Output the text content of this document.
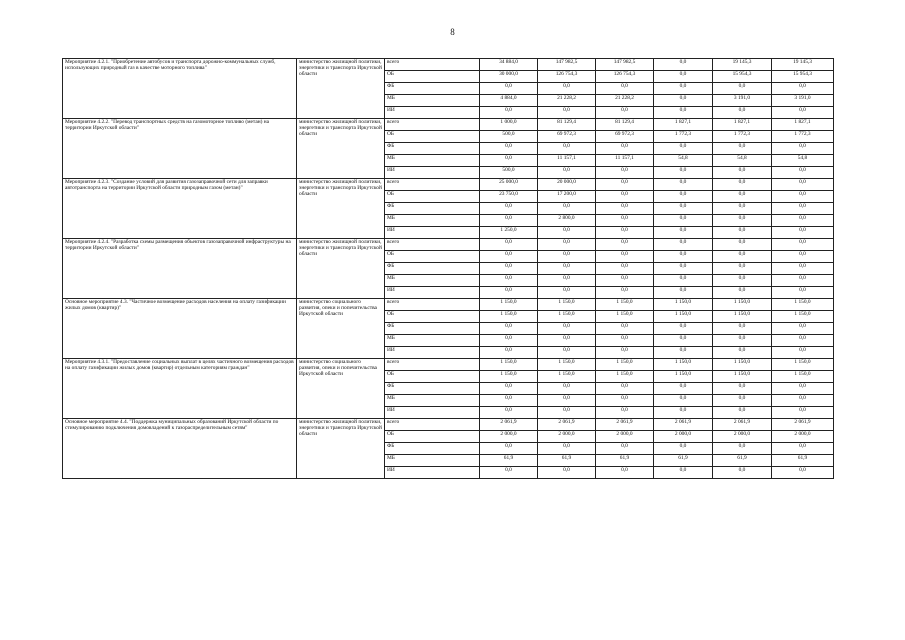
8
Мероприятие 4.2.1. "Приобретение автобусов и транспорта дорожно-коммунальных служб, использующих природный газ в качестве моторного топлива"	министерство жилищной политики, энергетики и транспорта Иркутской области	всего	34 884,0	147 982,5	147 982,5	0,0	19 145,3	19 145,3
		ОБ	30 000,0	126 754,3	126 754,3	0,0	15 954,3	15 954,3
		ФБ	0,0	0,0	0,0	0,0	0,0	0,0
		МБ	4 884,0	21 228,2	21 228,2	0,0	3 191,0	3 191,0
		ИИ	0,0	0,0	0,0	0,0	0,0	0,0
Мероприятие 4.2.2. "Перевод транспортных средств на газомоторное топливо (метан) на территории Иркутской области"	министерство жилищной политики, энергетики и транспорта Иркутской области	всего	1 000,0	81 129,4	81 129,4	1 827,1	1 827,1	1 827,1
		ОБ	500,0	69 972,3	69 972,3	1 772,3	1 772,3	1 772,3
		ФБ	0,0	0,0	0,0	0,0	0,0	0,0
		МБ	0,0	11 157,1	11 157,1	54,8	54,8	54,8
		ИИ	500,0	0,0	0,0	0,0	0,0	0,0
Мероприятие 4.2.3. "Создание условий для развития газозаправочной сети для заправки автотранспорта на территории Иркутской области природным газом (метан)"	министерство жилищной политики, энергетики и транспорта Иркутской области	всего	25 000,0	20 000,0	0,0	0,0	0,0	0,0
		ОБ	23 750,0	17 200,0	0,0	0,0	0,0	0,0
		ФБ	0,0	0,0	0,0	0,0	0,0	0,0
		МБ	0,0	2 800,0	0,0	0,0	0,0	0,0
		ИИ	1 250,0	0,0	0,0	0,0	0,0	0,0
Мероприятие 4.2.4. "Разработка схемы размещения объектов газозаправочной инфраструктуры на территории Иркутской области"	министерство жилищной политики, энергетики и транспорта Иркутской области	всего	0,0	0,0	0,0	0,0	0,0	0,0
		ОБ	0,0	0,0	0,0	0,0	0,0	0,0
		ФБ	0,0	0,0	0,0	0,0	0,0	0,0
		МБ	0,0	0,0	0,0	0,0	0,0	0,0
		ИИ	0,0	0,0	0,0	0,0	0,0	0,0
Основное мероприятие 4.3. "Частичное возмещение расходов населения на оплату газификации жилых домов (квартир)"	министерство социального развития, опеки и попечительства Иркутской области	всего	1 150,0	1 150,0	1 150,0	1 150,0	1 150,0	1 150,0
		ОБ	1 150,0	1 150,0	1 150,0	1 150,0	1 150,0	1 150,0
		ФБ	0,0	0,0	0,0	0,0	0,0	0,0
		МБ	0,0	0,0	0,0	0,0	0,0	0,0
		ИИ	0,0	0,0	0,0	0,0	0,0	0,0
Мероприятие 4.3.1. "Предоставление социальных выплат в целях частичного возмещения расходов на оплату газификации жилых домов (квартир) отдельным категориям граждан"	министерство социального развития, опеки и попечительства Иркутской области	всего	1 150,0	1 150,0	1 150,0	1 150,0	1 150,0	1 150,0
		ОБ	1 150,0	1 150,0	1 150,0	1 150,0	1 150,0	1 150,0
		ФБ	0,0	0,0	0,0	0,0	0,0	0,0
		МБ	0,0	0,0	0,0	0,0	0,0	0,0
		ИИ	0,0	0,0	0,0	0,0	0,0	0,0
Основное мероприятие 4.4. "Поддержка муниципальных образований Иркутской области по стимулированию подключения домовладений к газораспределительным сетям"	министерство жилищной политики, энергетики и транспорта Иркутской области	всего	2 061,9	2 061,9	2 061,9	2 061,9	2 061,9	2 061,9
		ОБ	2 000,0	2 000,0	2 000,0	2 000,0	2 000,0	2 000,0
		ФБ	0,0	0,0	0,0	0,0	0,0	0,0
		МБ	61,9	61,9	61,9	61,9	61,9	61,9
		ИИ	0,0	0,0	0,0	0,0	0,0	0,0
